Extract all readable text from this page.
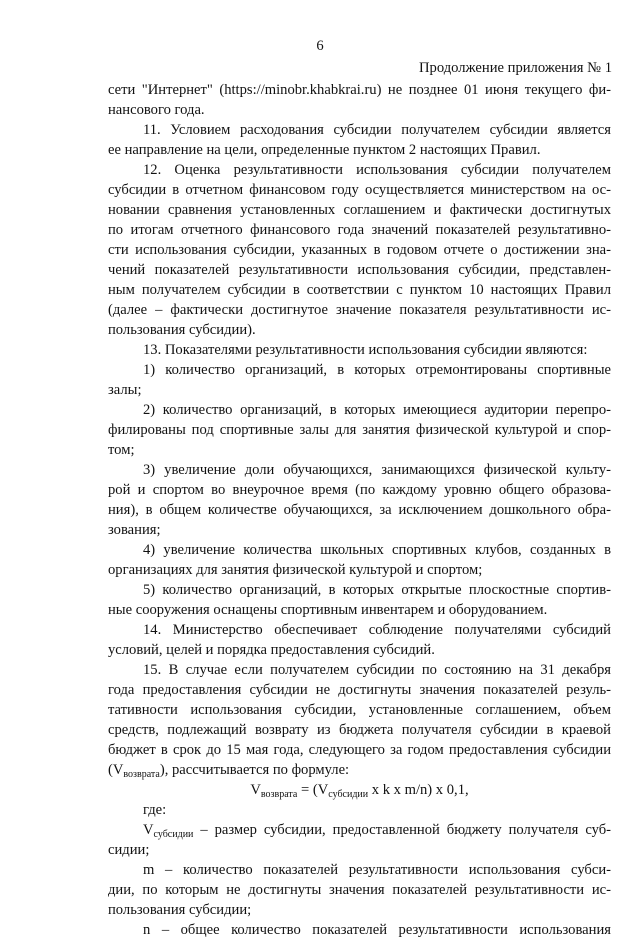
6
Продолжение приложения № 1
сети "Интернет" (https://minobr.khabkrai.ru) не позднее 01 июня текущего фи-
нансового года.
11. Условием расходования субсидии получателем субсидии является
ее направление на цели, определенные пунктом 2 настоящих Правил.
12. Оценка результативности использования субсидии получателем
субсидии в отчетном финансовом году осуществляется министерством на ос-
новании сравнения установленных соглашением и фактически достигнутых
по итогам отчетного финансового года значений показателей результативно-
сти использования субсидии, указанных в годовом отчете о достижении зна-
чений показателей результативности использования субсидии, представлен-
ным получателем субсидии в соответствии с пунктом 10 настоящих Правил
(далее – фактически достигнутое значение показателя результативности ис-
пользования субсидии).
13. Показателями результативности использования субсидии являются:
1) количество организаций, в которых отремонтированы спортивные
залы;
2) количество организаций, в которых имеющиеся аудитории перепро-
филированы под спортивные залы для занятия физической культурой и спор-
том;
3) увеличение доли обучающихся, занимающихся физической культу-
рой и спортом во внеурочное время (по каждому уровню общего образова-
ния), в общем количестве обучающихся, за исключением дошкольного обра-
зования;
4) увеличение количества школьных спортивных клубов, созданных в
организациях для занятия физической культурой и спортом;
5) количество организаций, в которых открытые плоскостные спортив-
ные сооружения оснащены спортивным инвентарем и оборудованием.
14. Министерство обеспечивает соблюдение получателями субсидий
условий, целей и порядка предоставления субсидий.
15. В случае если получателем субсидии по состоянию на 31 декабря
года предоставления субсидии не достигнуты значения показателей резуль-
тативности использования субсидии, установленные соглашением, объем
средств, подлежащий возврату из бюджета получателя субсидии в краевой
бюджет в срок до 15 мая года, следующего за годом предоставления субсидии
$(V_{возврата})$, рассчитывается по формуле:
$V_{возврата} = (V_{субсидии}$ x k x m/n) x 0,1,
где:
$V_{субсидии}$ – размер субсидии, предоставленной бюджету получателя суб-
сидии;
m – количество показателей результативности использования субси-
дии, по которым не достигнуты значения показателей результативности ис-
пользования субсидии;
n – общее количество показателей результативности использования
